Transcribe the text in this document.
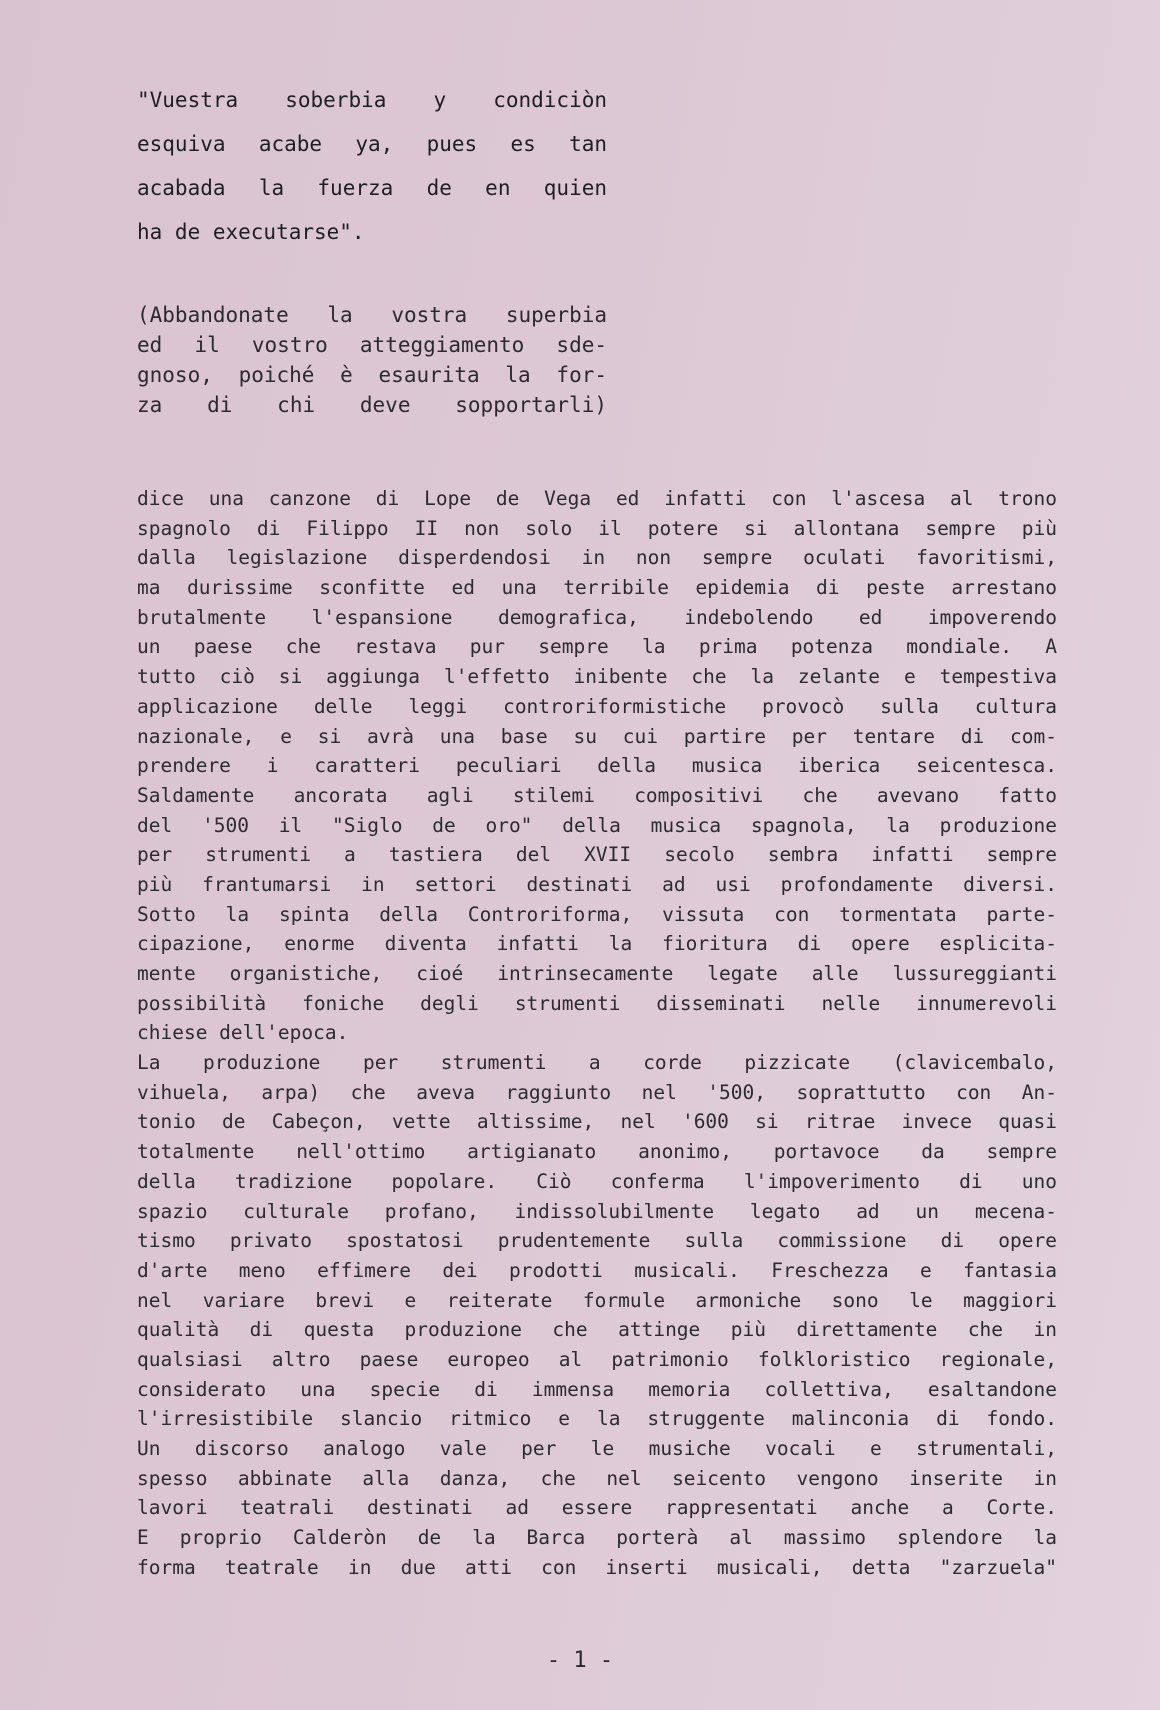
"Vuestra soberbia y condiciòn
esquiva acabe ya, pues es tan
acabada la fuerza de en quien
ha de executarse".
(Abbandonate la vostra superbia
ed il vostro atteggiamento sde-
gnoso, poiché è esaurita la for-
za di chi deve sopportarli)
dice una canzone di Lope de Vega ed infatti con l'ascesa al trono
spagnolo di Filippo II non solo il potere si allontana sempre più
dalla legislazione disperdendosi in non sempre oculati favoritismi,
ma durissime sconfitte ed una terribile epidemia di peste arrestano
brutalmente l'espansione demografica, indebolendo ed impoverendo
un paese che restava pur sempre la prima potenza mondiale. A
tutto ciò si aggiunga l'effetto inibente che la zelante e tempestiva
applicazione delle leggi controriformistiche provocò sulla cultura
nazionale, e si avrà una base su cui partire per tentare di com-
prendere i caratteri peculiari della musica iberica seicentesca.
Saldamente ancorata agli stilemi compositivi che avevano fatto
del '500 il "Siglo de oro" della musica spagnola, la produzione
per strumenti a tastiera del XVII secolo sembra infatti sempre
più frantumarsi in settori destinati ad usi profondamente diversi.
Sotto la spinta della Controriforma, vissuta con tormentata parte-
cipazione, enorme diventa infatti la fioritura di opere esplicita-
mente organistiche, cioé intrinsecamente legate alle lussureggianti
possibilità foniche degli strumenti disseminati nelle innumerevoli
chiese dell'epoca.
La produzione per strumenti a corde pizzicate (clavicembalo,
vihuela, arpa) che aveva raggiunto nel '500, soprattutto con An-
tonio de Cabeçon, vette altissime, nel '600 si ritrae invece quasi
totalmente nell'ottimo artigianato anonimo, portavoce da sempre
della tradizione popolare. Ciò conferma l'impoverimento di uno
spazio culturale profano, indissolubilmente legato ad un mecena-
tismo privato spostatosi prudentemente sulla commissione di opere
d'arte meno effimere dei prodotti musicali. Freschezza e fantasia
nel variare brevi e reiterate formule armoniche sono le maggiori
qualità di questa produzione che attinge più direttamente che in
qualsiasi altro paese europeo al patrimonio folkloristico regionale,
considerato una specie di immensa memoria collettiva, esaltandone
l'irresistibile slancio ritmico e la struggente malinconia di fondo.
Un discorso analogo vale per le musiche vocali e strumentali,
spesso abbinate alla danza, che nel seicento vengono inserite in
lavori teatrali destinati ad essere rappresentati anche a Corte.
E proprio Calderòn de la Barca porterà al massimo splendore la
forma teatrale in due atti con inserti musicali, detta "zarzuela"
- 1 -
